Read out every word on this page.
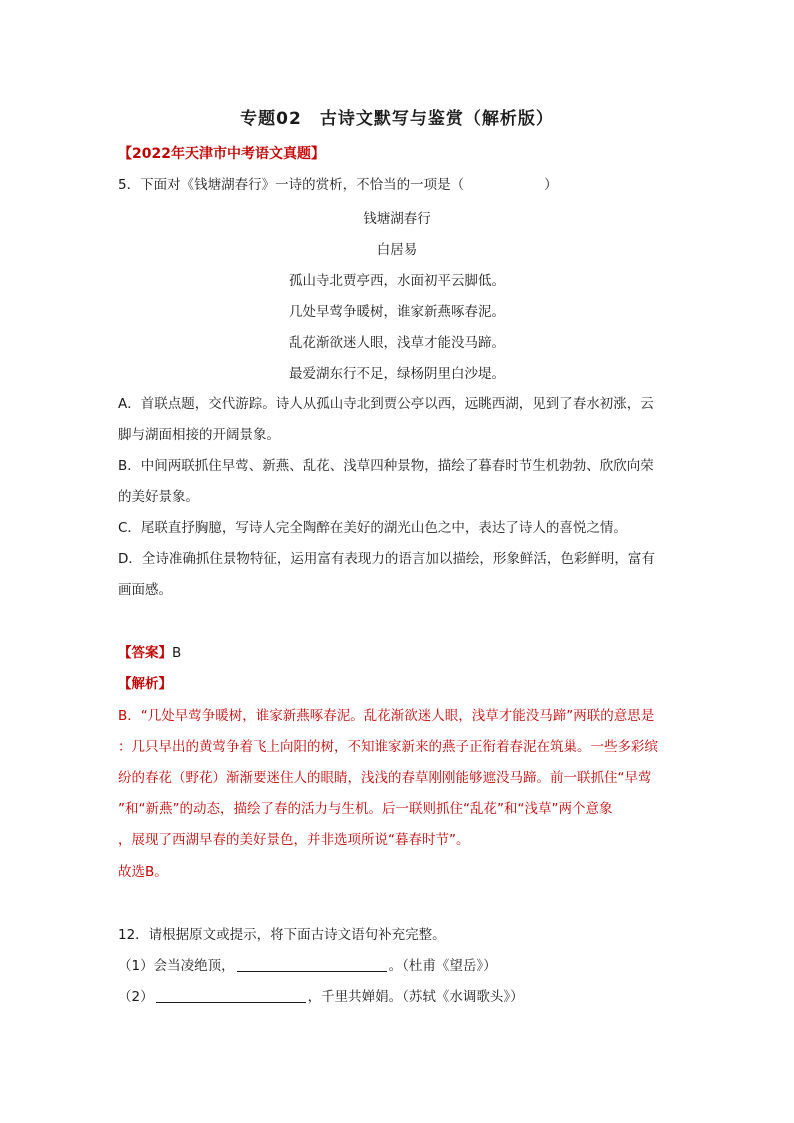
专题02　古诗文默写与鉴赏（解析版）
【2022年天津市中考语文真题】
5．下面对《钱塘湖春行》一诗的赏析，不恰当的一项是（	）
钱塘湖春行
白居易
孤山寺北贾亭西，水面初平云脚低。
几处早莺争暖树，谁家新燕啄春泥。
乱花渐欲迷人眼，浅草才能没马蹄。
最爱湖东行不足，绿杨阴里白沙堤。
A．首联点题，交代游踪。诗人从孤山寺北到贾公亭以西，远眺西湖，见到了春水初涨，云
脚与湖面相接的开阔景象。
B．中间两联抓住早莺、新燕、乱花、浅草四种景物，描绘了暮春时节生机勃勃、欣欣向荣
的美好景象。
C．尾联直抒胸臆，写诗人完全陶醉在美好的湖光山色之中，表达了诗人的喜悦之情。
D．全诗准确抓住景物特征，运用富有表现力的语言加以描绘，形象鲜活，色彩鲜明，富有
画面感。
【答案】B
【解析】
B．“几处早莺争暖树，谁家新燕啄春泥。乱花渐欲迷人眼，浅草才能没马蹄”两联的意思是
：几只早出的黄莺争着飞上向阳的树，不知谁家新来的燕子正衔着春泥在筑巢。一些多彩缤
纷的春花（野花）渐渐要迷住人的眼睛，浅浅的春草刚刚能够遮没马蹄。前一联抓住“早莺
”和“新燕”的动态，描绘了春的活力与生机。后一联则抓住“乱花”和“浅草”两个意象
，展现了西湖早春的美好景色，并非选项所说“暮春时节”。
故选B。
12．请根据原文或提示，将下面古诗文语句补充完整。
（1）会当凌绝顶，	。（杜甫《望岳》）
（2）	，千里共婵娟。（苏轼《水调歌头》）
